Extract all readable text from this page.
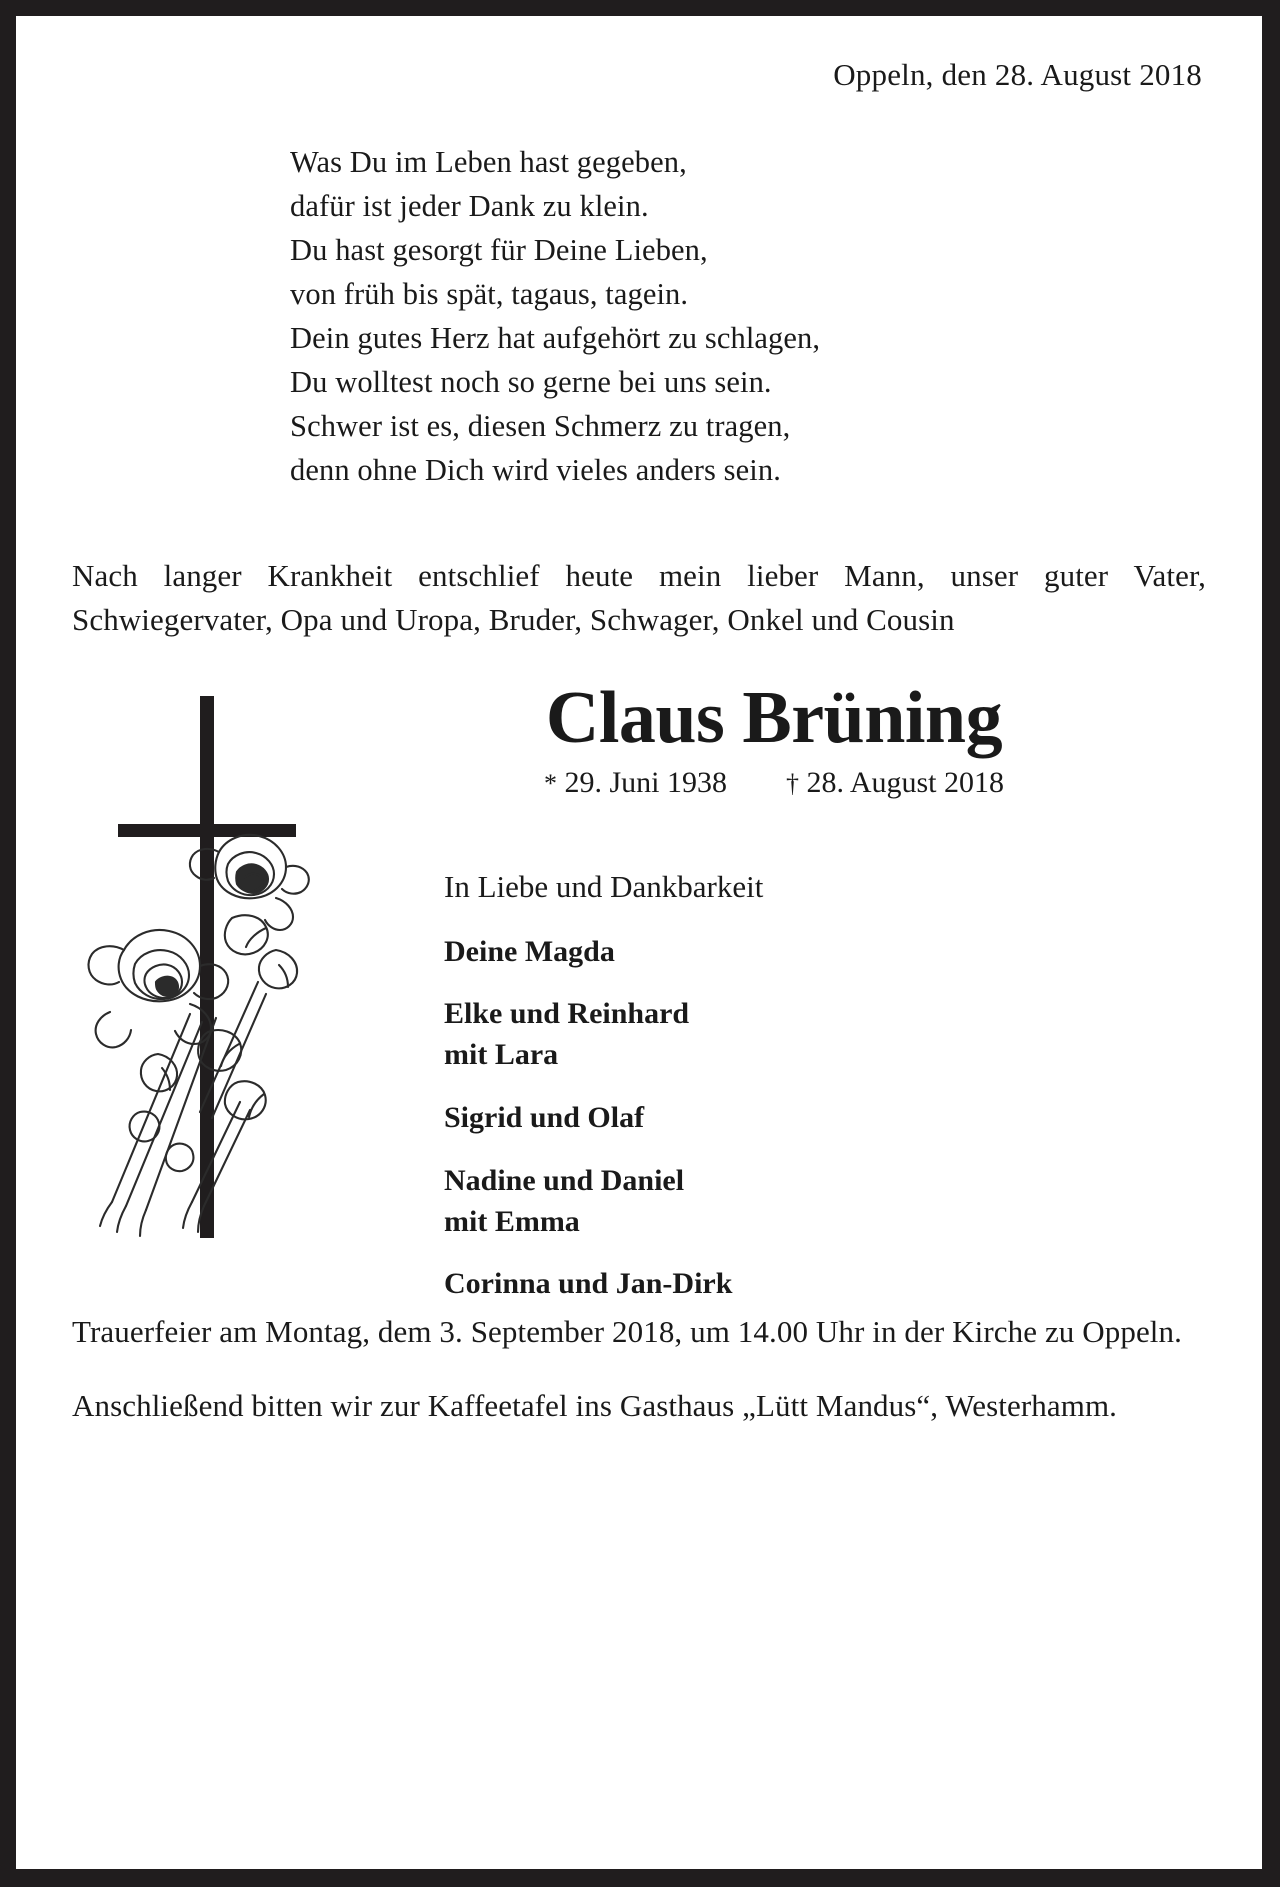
Oppeln, den 28. August 2018
Was Du im Leben hast gegeben,
dafür ist jeder Dank zu klein.
Du hast gesorgt für Deine Lieben,
von früh bis spät, tagaus, tagein.
Dein gutes Herz hat aufgehört zu schlagen,
Du wolltest noch so gerne bei uns sein.
Schwer ist es, diesen Schmerz zu tragen,
denn ohne Dich wird vieles anders sein.
Nach langer Krankheit entschlief heute mein lieber Mann, unser guter Vater, Schwiegervater, Opa und Uropa, Bruder, Schwager, Onkel und Cousin
Claus Brüning
* 29. Juni 1938 † 28. August 2018
In Liebe und Dankbarkeit
Deine Magda
Elke und Reinhard
mit Lara
Sigrid und Olaf
Nadine und Daniel
mit Emma
Corinna und Jan-Dirk

Trauerfeier am Montag, dem 3. September 2018, um 14.00 Uhr in der Kirche zu Oppeln.

Anschließend bitten wir zur Kaffeetafel ins Gasthaus „Lütt Mandus“, Westerhamm.
